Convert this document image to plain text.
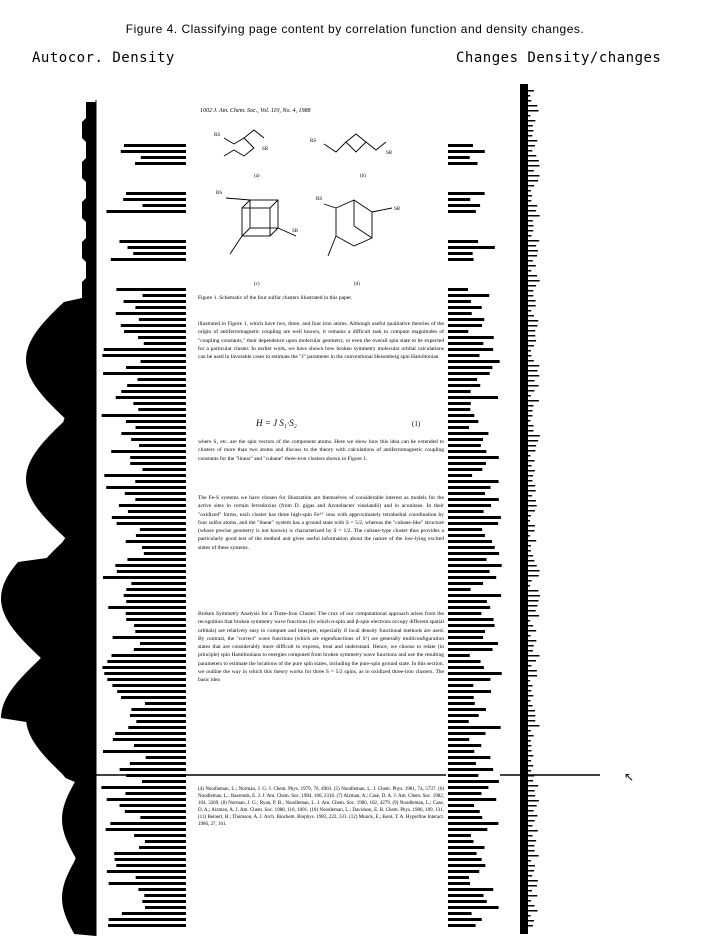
Figure 4. Classifying page content by correlation function and density changes.
Autocor. Density	Changes Density/changes
1002 J. Am. Chem. Soc., Vol. 110, No. 4, 1988
RS
SR
RS
SR
RS
SR
RS
SR
(a)	(b)
(c)	(d)
Figure 1. Schematic of the four sulfur clusters illustrated in this paper.
illustrated in Figure 1, which have two, three, and four iron atoms. Although useful qualitative theories of the origin of antiferromagnetic coupling are well known, it remains a difficult task to compute magnitudes of "coupling constants," their dependence upon molecular geometry, or even the overall spin state to be expected for a particular cluster. In earlier work, we have shown how broken symmetry molecular orbital calculations can be used in favorable cases to estimate the "J" parameter in the conventional Heisenberg spin Hamiltonian
H = J S₁·S₂	(1)
where S₁ etc. are the spin vectors of the component atoms. Here we show how this idea can be extended to clusters of more than two atoms and discuss to the theory with calculations of antiferromagnetic coupling constants for the "linear" and "cubane" three-iron clusters shown in Figure 1.
The Fe-S systems we have chosen for illustration are themselves of considerable interest as models for the active sites in certain ferredoxins (from D. gigas and Azotobacter vinelandii) and in aconitase. In their "oxidized" forms, each cluster has three high-spin Fe³⁺ ions with approximately tetrahedral coordination by four sulfur atoms, and the "linear" system has a ground state with S = 5/2, whereas the "cubane-like" structure (whose precise geometry is not known) is characterized by S = 1/2. The cubane-type cluster thus provides a particularly good test of the method and gives useful information about the nature of the low-lying excited states of these systems.
Broken Symmetry Analysis for a Three-Iron Cluster. The crux of our computational approach arises from the recognition that broken symmetry wave functions (in which α-spin and β-spin electrons occupy different spatial orbitals) are relatively easy to compute and interpret, especially if local density functional methods are used. By contrast, the "correct" wave functions (which are eigenfunctions of S²) are generally multiconfiguration states that are considerably more difficult to express, treat and understand. Hence, we choose to relate (in principle) spin Hamiltonians to energies computed from broken symmetry wave functions and use the resulting parameters to estimate the locations of the pure spin states, including the pure-spin ground state. In this section, we outline the way in which this theory works for three S = 5/2 spins, as in oxidized three-iron clusters. The basic idea
(4) Noodleman, L.; Norman, J. G. J. Chem. Phys. 1979, 70, 4903. (5) Noodleman, L. J. Chem. Phys. 1981, 74, 5737. (6) Noodleman, L.; Baerends, E. J. J. Am. Chem. Soc. 1984, 106, 2316. (7) Aizman, A.; Case, D. A. J. Am. Chem. Soc. 1982, 104, 3269. (8) Norman, J. G.; Ryan, P. B.; Noodleman, L. J. Am. Chem. Soc. 1980, 102, 4279. (9) Noodleman, L.; Case, D. A.; Aizman, A. J. Am. Chem. Soc. 1988, 110, 1001. (10) Noodleman, L.; Davidson, E. R. Chem. Phys. 1986, 109, 131. (11) Beinert, H.; Thomson, A. J. Arch. Biochem. Biophys. 1983, 222, 333. (12) Munck, E.; Kent, T. A. Hyperfine Interact. 1986, 27, 161.
↖
